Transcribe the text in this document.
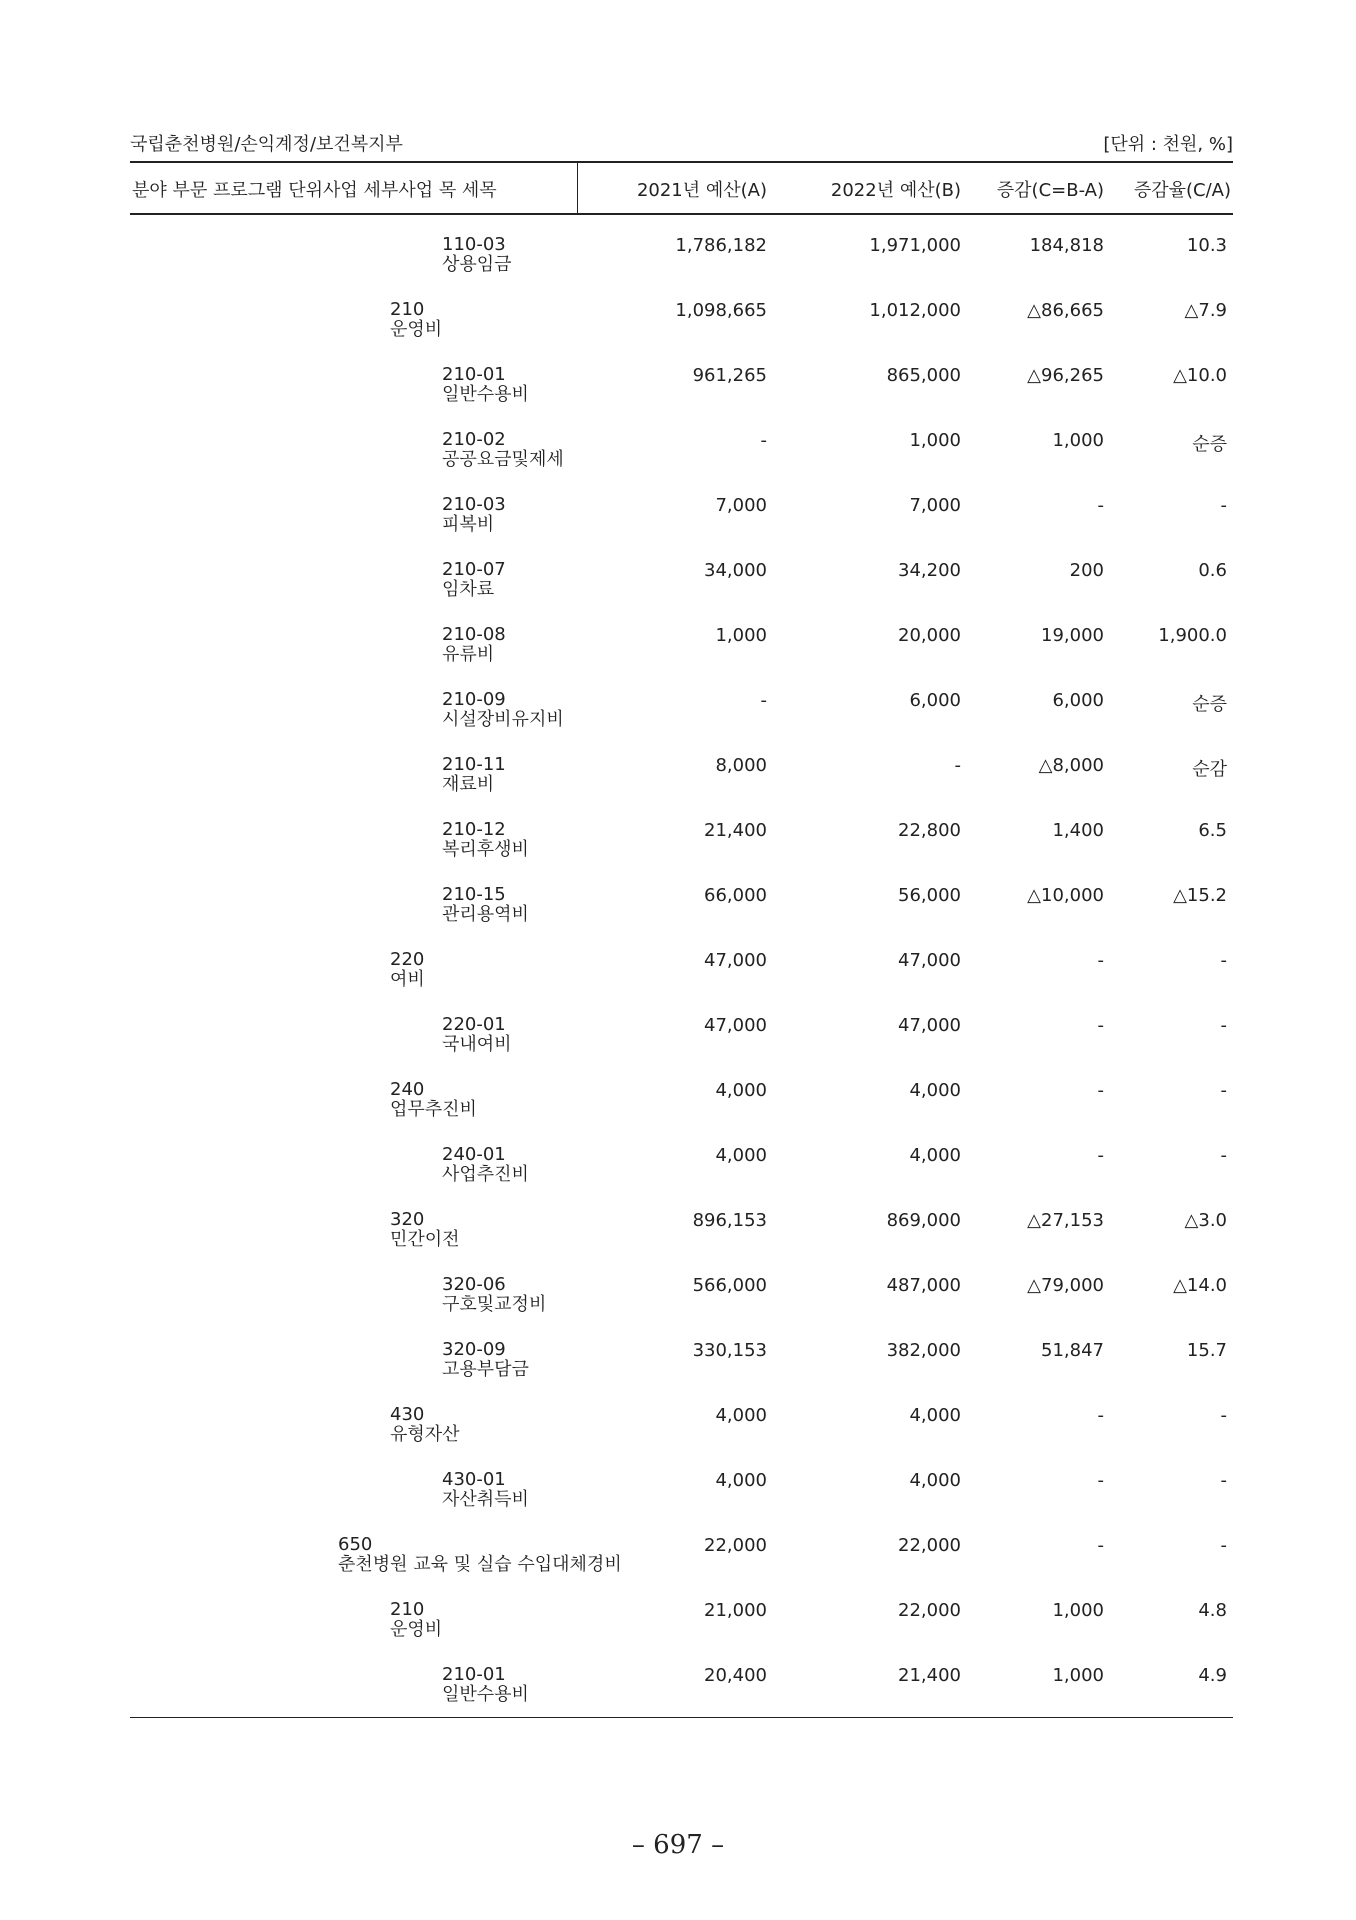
국립춘천병원/손익계정/보건복지부	[단위 : 천원, %]
분야 부문 프로그램 단위사업 세부사업 목 세목	2021년 예산(A)	2022년 예산(B) 증감(C=B-A) 증감율(C/A)
110-03
상용임금
1,786,182	1,971,000	184,818	10.3
210
운영비
1,098,665	1,012,000	△86,665	△7.9
210-01
일반수용비
961,265	865,000	△96,265	△10.0
210-02
공공요금및제세
-	1,000	1,000	순증
210-03
피복비
7,000	7,000	-	-
210-07
임차료
34,000	34,200	200	0.6
210-08
유류비
1,000	20,000	19,000	1,900.0
210-09
시설장비유지비
-	6,000	6,000	순증
210-11
재료비
8,000	-	△8,000	순감
210-12
복리후생비
21,400	22,800	1,400	6.5
210-15
관리용역비
66,000	56,000	△10,000	△15.2
220
여비
47,000	47,000	-	-
220-01
국내여비
47,000	47,000	-	-
240
업무추진비
4,000	4,000	-	-
240-01
사업추진비
4,000	4,000	-	-
320
민간이전
896,153	869,000	△27,153	△3.0
320-06
구호및교정비
566,000	487,000	△79,000	△14.0
320-09
고용부담금
330,153	382,000	51,847	15.7
430
유형자산
4,000	4,000	-	-
430-01
자산취득비
4,000	4,000	-	-
650
춘천병원 교육 및 실습 수입대체경비
22,000	22,000	-	-
210
운영비
21,000	22,000	1,000	4.8
210-01
일반수용비
20,400	21,400	1,000	4.9
– 697 –
